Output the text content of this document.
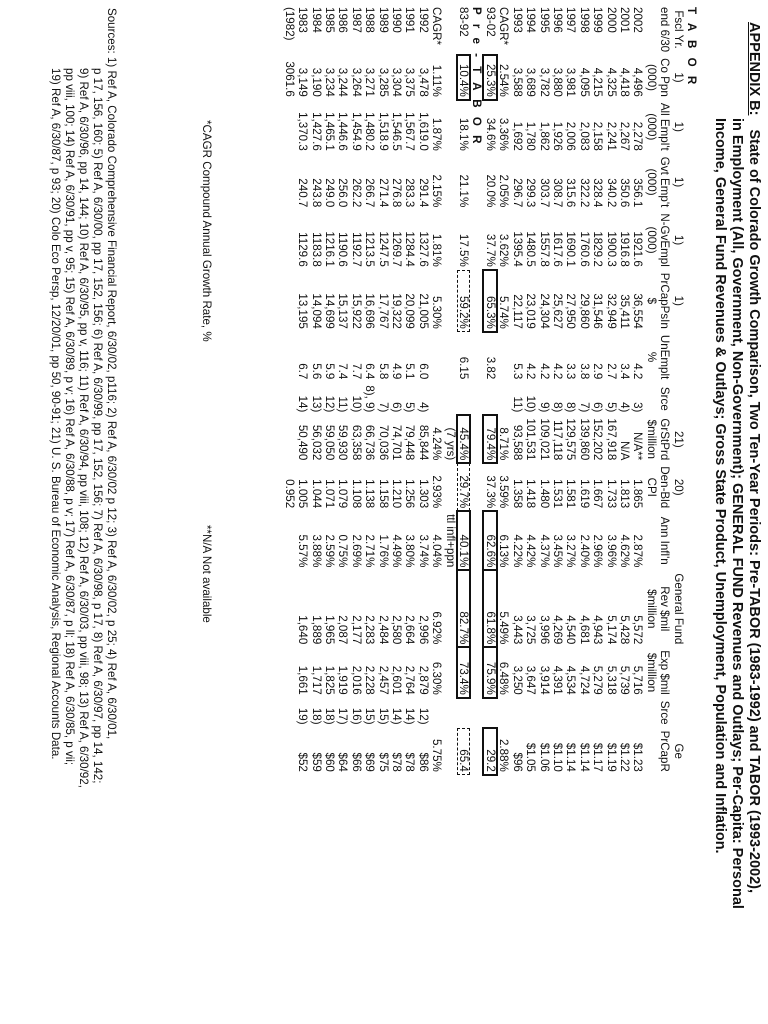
APPENDIX B:State of Colorado Growth Comparison, Two Ten-Year Periods: Pre-TABOR (1983-1992) and TABOR (1993-2002),
in Employment (All, Government, Non-Government); GENERAL FUND Revenues and Outlays; Per-Capita: Personal
Income, General Fund Revenues & Outlays; Gross State Product, Unemployment, Population and Inflation.
T A B O R														
Fscl Yr.	1)	1)	1)	1)	1)			21)	20)		General Fund			Ge
end 6/30	Co Ppn	All Empl't	Gvt Emp't	N-GvEmpl	PrCapPsIn	UnEmplt	Srce	GrStPrd	Den-Bld	Ann Infl'n	Rev $mil	Exp $mil	Srce	PrCapR
	(000)	(000)	(000)	(000)	$	%		$million	CPI		$million	$million		
2002	4,496	2,278	356.1	1921.6	36,554	4.2	3)	N/A**	1.865	2.87%	5,572	5,716		$1.23
2001	4,418	2,267	350.6	1916.8	35,411	3.4	4)	N/A	1.813	4.62%	5,428	5,739		$1.22
2000	4,325	2,241	340.2	1900.3	32,949	2.7	5)	167,918	1.733	3.96%	5,174	5,318		$1.19
1999	4,215	2,158	328.4	1829.2	31,546	2.9	6)	152,202	1.667	2.96%	4,943	5,279		$1.17
1998	4,095	2,083	322.2	1760.6	29,860	3.8	7)	139,860	1.619	2.40%	4,681	4,724		$1.14
1997	3,981	2,006	315.6	1690.1	27,950	3.3	8)	129,575	1.581	3.27%	4,540	4,534		$1.14
1996	3,880	1,926	308.7	1617.6	25,627	4.2	8)	117,118	1.531	3.45%	4,269	4,391		$1.10
1995	3,782	1,862	303.7	1557.8	24,304	4.2	9)	109,021	1.480	4.37%	3,996	3,914		$1.06
1994	3,689	1,780	299.3	1480.5	23,019	4.2	10)	101,531	1.418	4.42%	3,725	3,647		$1.05
1993	3,588	1,692	296.7	1395.4	22,117	5.3	11)	93,588	1.358	4.22%	3,443	3,250		$96
CAGR*	2.54%	3.36%	2.05%	3.62%	5.74%			8.71%	3.59%	6.13%	5.49%	6.48%		2.88%
93-02	25.3%	34.6%	20.0%	37.7%	65.3%	3.82		79.4%	37.3%	62.6%	61.8%	75.9%		29.2
P r e - T A B O R														
83-92	10.4%	18.1%	21.1%	17.5%	59.2%	6.15		45.4%	29.7%	40.1%	82.7%	73.4%		65.4
								(7 yrs)		ttl infl+ppn				
CAGR*	1.11%	1.87%	2.15%	1.81%	5.30%			4.24%	2.93%	4.04%	6.92%	6.30%		5.75%
1992	3,478	1,619.0	291.4	1327.6	21,005	6.0	4)	85,844	1.303	3.74%	2,996	2,879	12)	$86
1991	3,375	1,567.7	283.3	1284.4	20,099	5.1	5)	79,448	1.256	3.80%	2,664	2,764	14)	$78
1990	3,304	1,546.5	276.8	1269.7	19,322	4.9	6)	74,701	1.210	4.49%	2,580	2,601	14)	$78
1989	3,285	1,518.9	271.4	1247.5	17,767	5.8	7)	70,036	1.158	1.76%	2,484	2,457	15)	$75
1988	3,271	1,480.2	266.7	1213.5	16,696	6.4	8), 9)	66,736	1.138	2.71%	2,283	2,228	15)	$69
1987	3,264	1,454.9	262.2	1192.7	15,922	7.7	10)	63,358	1.108	2.69%	2,177	2,016	16)	$66
1986	3,244	1,446.6	256.0	1190.6	15,137	7.4	11)	59,930	1.079	0.75%	2,087	1,919	17)	$64
1985	3,234	1,465.1	249.0	1216.1	14,699	5.9	12)	59,050	1.071	2.59%	1,965	1,825	18)	$60
1984	3,190	1,427.6	243.8	1183.8	14,094	5.6	13)	56,032	1.044	3.88%	1,889	1,717	18)	$59
1983	3,149	1,370.3	240.7	1129.6	13,195	6.7	14)	50,490	1.005	5.57%	1,640	1,661	19)	$52
(1982)	3061.6								0.952					
*CAGR Compound Annual Growth Rate, % **N/A Not available
Sources: 1) Ref A, Colorado Comprehensive Financial Report, 6/30/02, p116; 2) Ref A, 6/30/02 p 12; 3) Ref A, 6/30/02, p 25; 4) Ref A, 6/30/01,
p 17, 156, 160; 5) Ref A, 6/30/00, pp 17, 152, 156; 6) Ref A, 6/30/99, pp 17, 152, 156; 7) Ref A, 6/30/98, p 17, 8) Ref A, 6/30/97, pp 14, 142;
9) Ref A, 6/30/96, pp 14, 144; 10) Ref A, 6/30/95, pp v, 116; 11) Ref A, 6/30/94, pp viii, 108; 12) Ref A, 6/30/03, pp viii, 98; 13) Ref A, 6/30/92,
pp viii, 100; 14) Ref A, 6/30/91, pp v, 95; 15) Ref A, 6/30/89, p v; 16) Ref A, 6/30/88, p v; 17) Ref A, 6/30/87, p ll; 18) Ref A, 6/30/85, p vii;
19) Ref A, 6/30/87, p 93; 20) Colo Eco Persp, 12/20/01, pp 50, 90-91; 21) U. S. Bureau of Economic Analysis, Regional Accounts Data.
